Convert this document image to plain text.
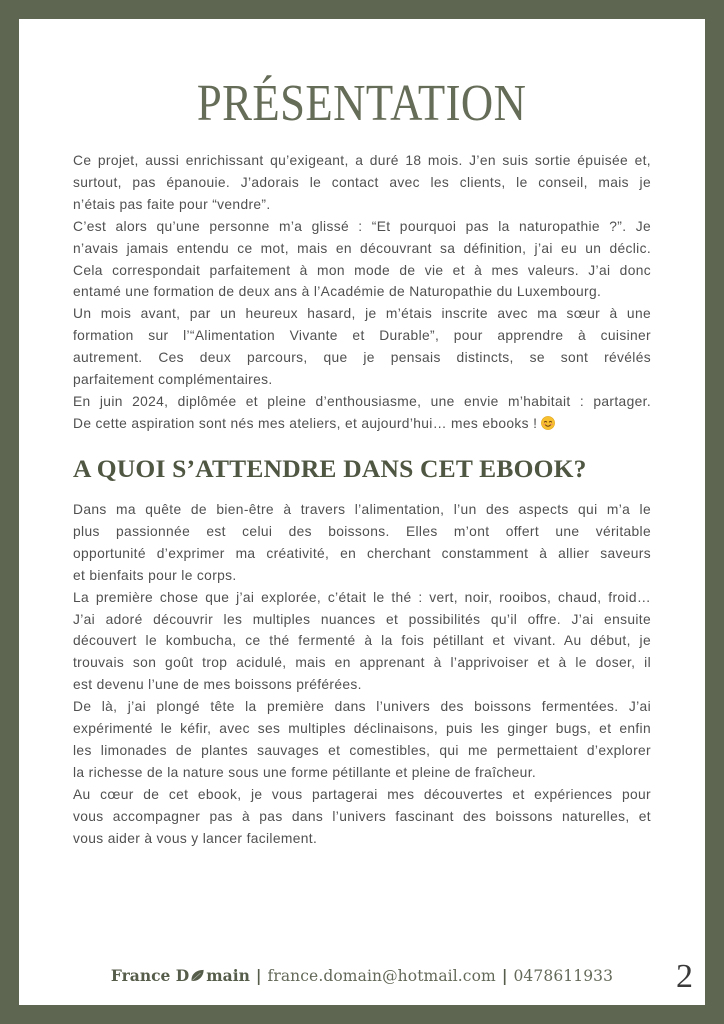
PRÉSENTATION
Ce projet, aussi enrichissant qu’exigeant, a duré 18 mois. J’en suis sortie épuisée et,
surtout, pas épanouie. J’adorais le contact avec les clients, le conseil, mais je
n’étais pas faite pour “vendre”.
C’est alors qu’une personne m’a glissé : “Et pourquoi pas la naturopathie ?”. Je
n’avais jamais entendu ce mot, mais en découvrant sa définition, j’ai eu un déclic.
Cela correspondait parfaitement à mon mode de vie et à mes valeurs. J’ai donc
entamé une formation de deux ans à l’Académie de Naturopathie du Luxembourg.
Un mois avant, par un heureux hasard, je m’étais inscrite avec ma sœur à une
formation sur l’“Alimentation Vivante et Durable”, pour apprendre à cuisiner
autrement. Ces deux parcours, que je pensais distincts, se sont révélés
parfaitement complémentaires.
En juin 2024, diplômée et pleine d’enthousiasme, une envie m’habitait : partager.
De cette aspiration sont nés mes ateliers, et aujourd’hui… mes ebooks !
A QUOI S’ATTENDRE DANS CET EBOOK?
Dans ma quête de bien-être à travers l’alimentation, l’un des aspects qui m’a le
plus passionnée est celui des boissons. Elles m’ont offert une véritable
opportunité d’exprimer ma créativité, en cherchant constamment à allier saveurs
et bienfaits pour le corps.
La première chose que j’ai explorée, c’était le thé : vert, noir, rooibos, chaud, froid…
J’ai adoré découvrir les multiples nuances et possibilités qu’il offre. J’ai ensuite
découvert le kombucha, ce thé fermenté à la fois pétillant et vivant. Au début, je
trouvais son goût trop acidulé, mais en apprenant à l’apprivoiser et à le doser, il
est devenu l’une de mes boissons préférées.
De là, j’ai plongé tête la première dans l’univers des boissons fermentées. J’ai
expérimenté le kéfir, avec ses multiples déclinaisons, puis les ginger bugs, et enfin
les limonades de plantes sauvages et comestibles, qui me permettaient d’explorer
la richesse de la nature sous une forme pétillante et pleine de fraîcheur.
Au cœur de cet ebook, je vous partagerai mes découvertes et expériences pour
vous accompagner pas à pas dans l’univers fascinant des boissons naturelles, et
vous aider à vous y lancer facilement.
France D main | france.domain@hotmail.com | 0478611933	2
